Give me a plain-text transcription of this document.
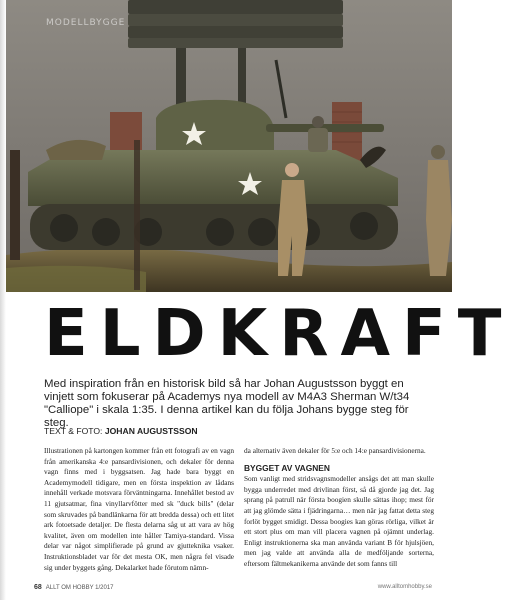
MODELLBYGGE
ELDKRAFT
Med inspiration från en historisk bild så har Johan Augustsson byggt en vinjett som fokuserar på Academys nya modell av M4A3 Sherman W/t34 "Calliope" i skala 1:35. I denna artikel kan du följa Johans bygge steg för steg.
TEXT & FOTO: JOHAN AUGUSTSSON

Illustrationen på kartongen kommer från ett fotografi av en vagn från amerikanska 4:e pansardivisionen, och dekaler för denna vagn finns med i byggsatsen. Jag hade bara byggt en Academymodell tidigare, men en första inspektion av lådans innehåll verkade motsvara förväntningarna. Innehållet bestod av 11 gjutsatmar, fina vinyllarvfötter med sk "duck bills" (delar som skruvades på bandlänkarna för att bredda dessa) och ett litet ark fotoetsade detaljer. De flesta delarna såg ut att vara av hög kvalitet, även om modellen inte håller Tamiya-standard. Vissa delar var något simplifierade på grund av gjutteknika vsaker. Instruktionsbladet var för det mesta OK, men några fel visade sig under byggets gång. Dekalarket hade förutom nämn-

da alternativ även dekaler för 5:e och 14:e pansardivisionerna.

BYGGET AV VAGNEN

Som vanligt med stridsvagnsmodeller ansågs det att man skulle bygga underredet med drivlinan först, så då gjorde jag det. Jag sprang på patrull när första boogien skulle sättas ihop; mest för att jag glömde sätta i fjädringarna… men när jag fattat detta steg forlöt bygget smidigt. Dessa boogies kan göras rörliga, vilket är ett stort plus om man vill placera vagnen på ojämnt underlag. Enligt instruktionerna ska man använda variant B för hjulsjöen, men jag valde att använda alla de medföljande sorterna, eftersom fältmekanikerna använde det som fanns till

68 ALLT OM HOBBY 1/2017	www.alltomhobby.se
